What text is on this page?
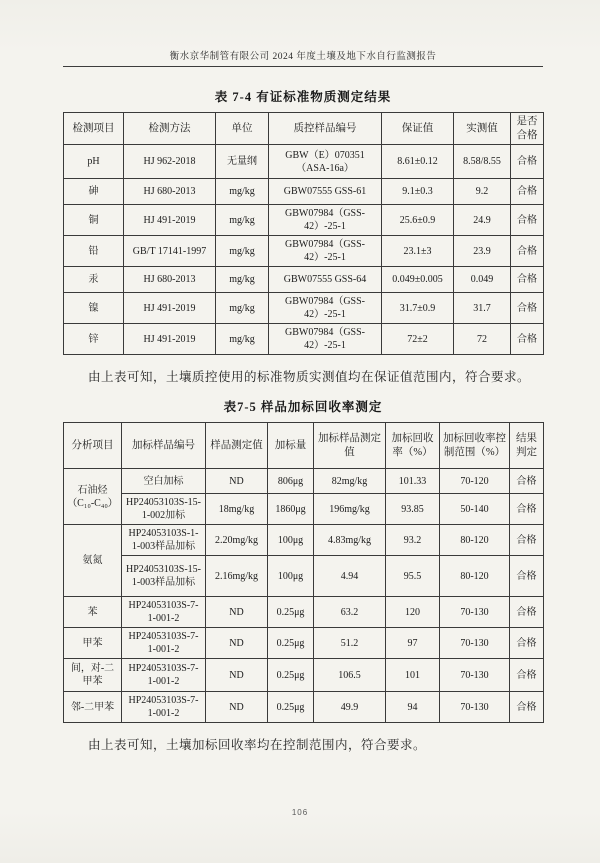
衡水京华制管有限公司 2024 年度土壤及地下水自行监测报告
表 7-4 有证标准物质测定结果
检测项目	检测方法	单位	质控样品编号	保证值	实测值	是否合格
pH	HJ 962-2018	无量纲	GBW（E）070351 （ASA-16a）	8.61±0.12	8.58/8.55	合格
砷	HJ 680-2013	mg/kg	GBW07555 GSS-61	9.1±0.3	9.2	合格
铜	HJ 491-2019	mg/kg	GBW07984（GSS-42）-25-1	25.6±0.9	24.9	合格
铅	GB/T 17141-1997	mg/kg	GBW07984（GSS-42）-25-1	23.1±3	23.9	合格
汞	HJ 680-2013	mg/kg	GBW07555 GSS-64	0.049±0.005	0.049	合格
镍	HJ 491-2019	mg/kg	GBW07984（GSS-42）-25-1	31.7±0.9	31.7	合格
锌	HJ 491-2019	mg/kg	GBW07984（GSS-42）-25-1	72±2	72	合格

由上表可知，土壤质控使用的标准物质实测值均在保证值范围内，符合要求。

表7-5 样品加标回收率测定
分析项目	加标样品编号	样品测定值	加标量	加标样品测定值	加标回收率（%）	加标回收率控制范围（%）	结果判定
石油烃（C₁₀-C₄₀）	空白加标	ND	806μg	82mg/kg	101.33	70-120	合格
	HP24053103S-15-1-002加标	18mg/kg	1860μg	196mg/kg	93.85	50-140	合格
氨氮	HP24053103S-1-1-003样品加标	2.20mg/kg	100μg	4.83mg/kg	93.2	80-120	合格
	HP24053103S-15-1-003样品加标	2.16mg/kg	100μg	4.94	95.5	80-120	合格
苯	HP24053103S-7-1-001-2	ND	0.25μg	63.2	120	70-130	合格
甲苯	HP24053103S-7-1-001-2	ND	0.25μg	51.2	97	70-130	合格
间，对-二甲苯	HP24053103S-7-1-001-2	ND	0.25μg	106.5	101	70-130	合格
邻-二甲苯	HP24053103S-7-1-001-2	ND	0.25μg	49.9	94	70-130	合格

由上表可知，土壤加标回收率均在控制范围内，符合要求。

106
